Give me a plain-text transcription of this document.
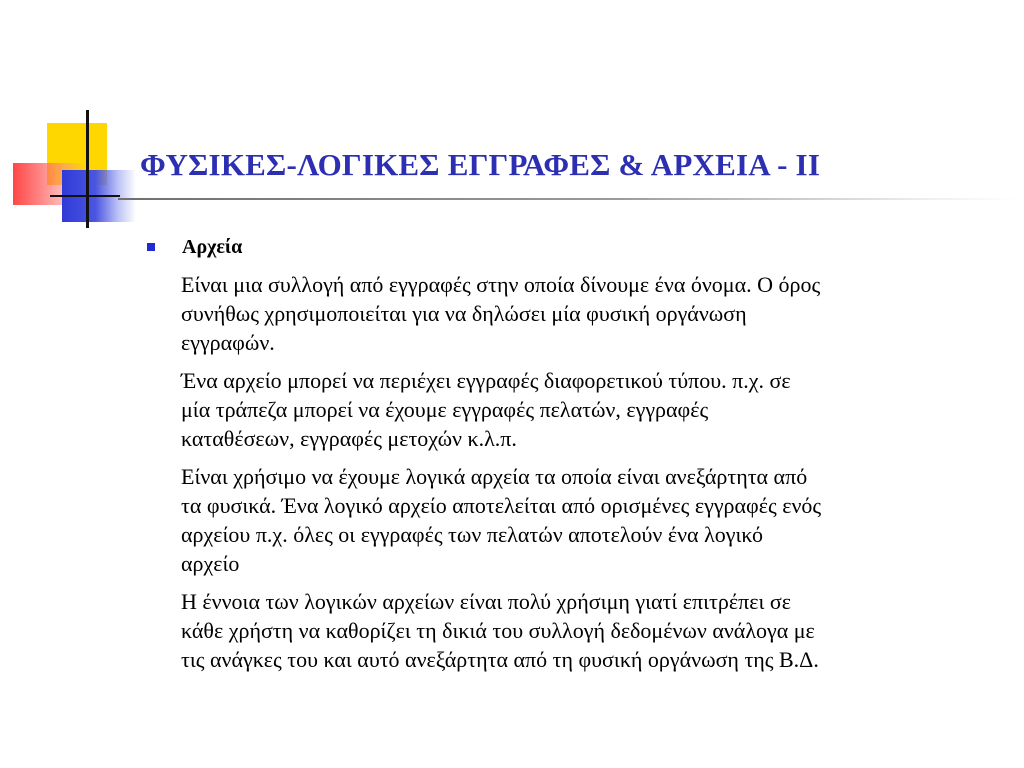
ΦΥΣΙΚΕΣ-ΛΟΓΙΚΕΣ ΕΓΓΡΑΦΕΣ & ΑΡΧΕΙΑ - ΙΙ

Αρχεία

Είναι μια συλλογή από εγγραφές στην οποία δίνουμε ένα όνομα. Ο όρος
συνήθως χρησιμοποιείται για να δηλώσει μία φυσική οργάνωση
εγγραφών.

Ένα αρχείο μπορεί να περιέχει εγγραφές διαφορετικού τύπου. π.χ. σε
μία τράπεζα μπορεί να έχουμε εγγραφές πελατών, εγγραφές
καταθέσεων, εγγραφές μετοχών κ.λ.π.

Είναι χρήσιμο να έχουμε λογικά αρχεία τα οποία είναι ανεξάρτητα από
τα φυσικά. Ένα λογικό αρχείο αποτελείται από ορισμένες εγγραφές ενός
αρχείου π.χ. όλες οι εγγραφές των πελατών αποτελούν ένα λογικό
αρχείο

Η έννοια των λογικών αρχείων είναι πολύ χρήσιμη γιατί επιτρέπει σε
κάθε χρήστη να καθορίζει τη δικιά του συλλογή δεδομένων ανάλογα με
τις ανάγκες του και αυτό ανεξάρτητα από τη φυσική οργάνωση της Β.Δ.
